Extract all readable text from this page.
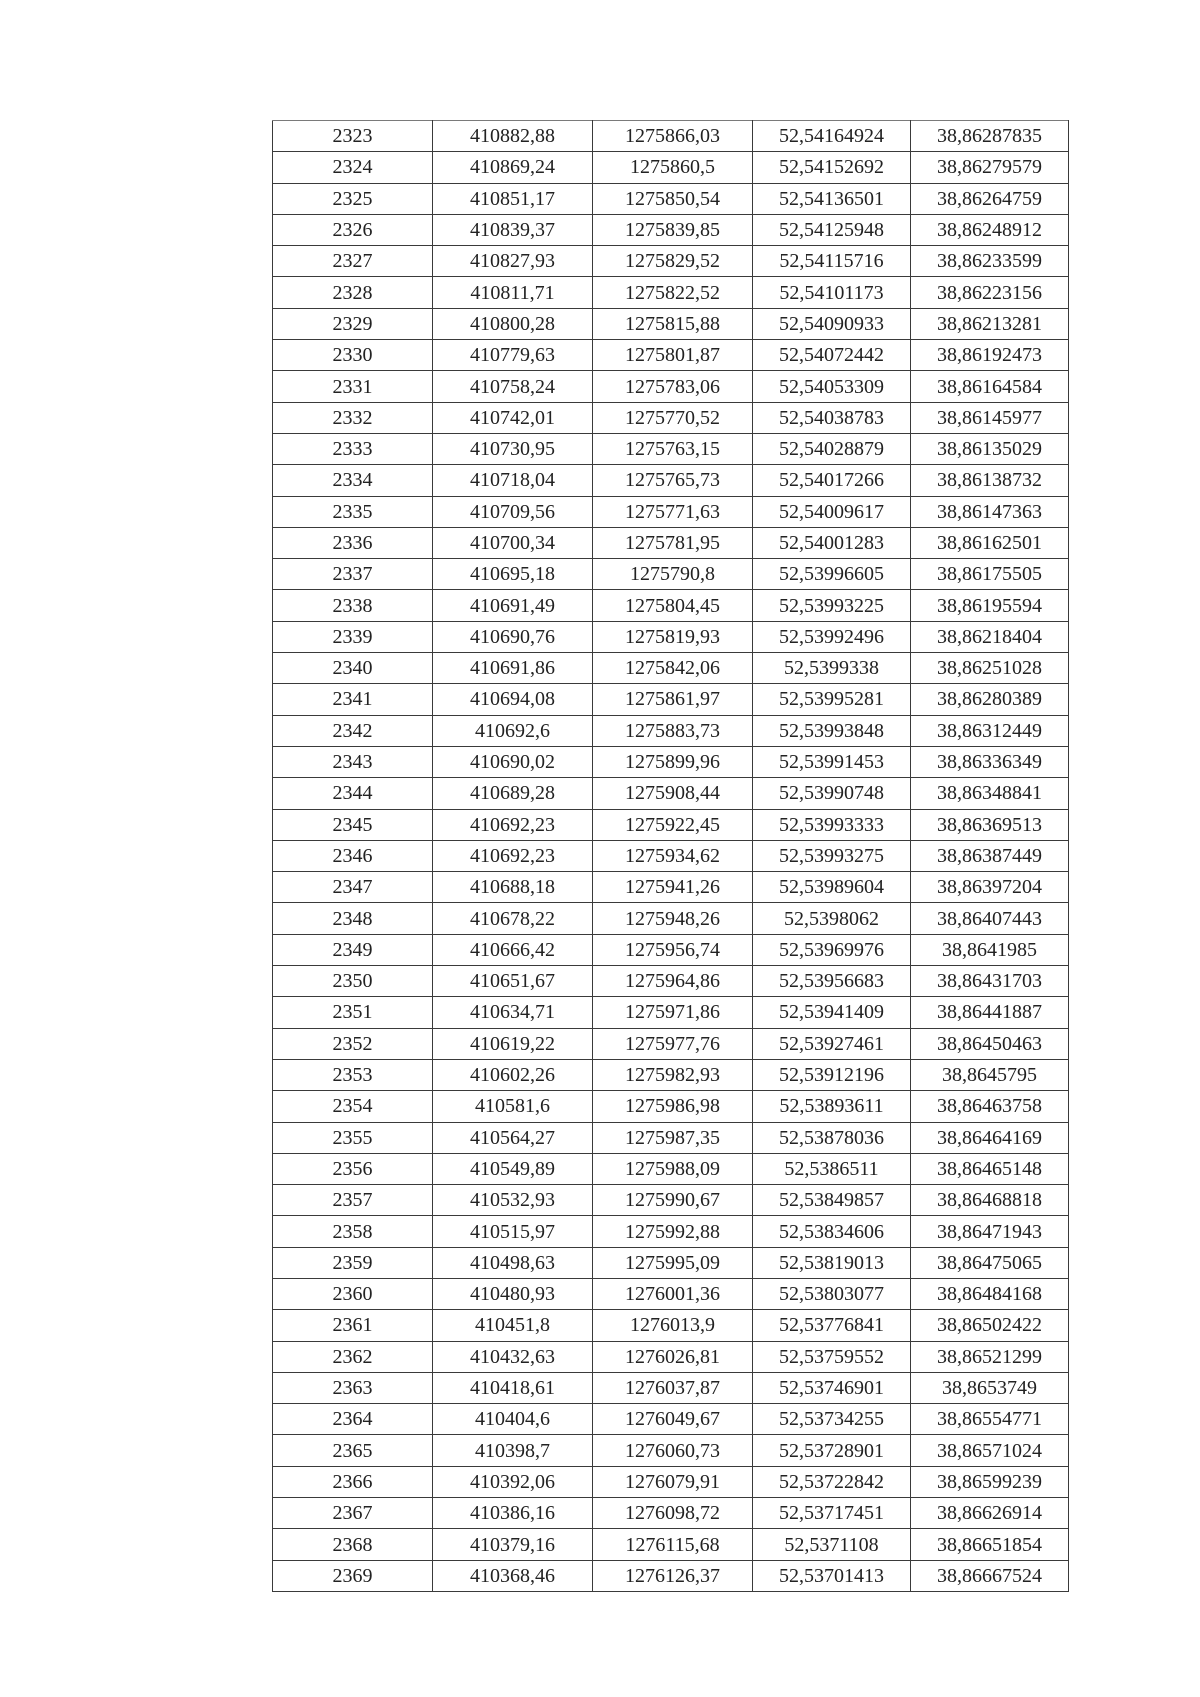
2323	410882,88	1275866,03	52,54164924	38,86287835
2324	410869,24	1275860,5	52,54152692	38,86279579
2325	410851,17	1275850,54	52,54136501	38,86264759
2326	410839,37	1275839,85	52,54125948	38,86248912
2327	410827,93	1275829,52	52,54115716	38,86233599
2328	410811,71	1275822,52	52,54101173	38,86223156
2329	410800,28	1275815,88	52,54090933	38,86213281
2330	410779,63	1275801,87	52,54072442	38,86192473
2331	410758,24	1275783,06	52,54053309	38,86164584
2332	410742,01	1275770,52	52,54038783	38,86145977
2333	410730,95	1275763,15	52,54028879	38,86135029
2334	410718,04	1275765,73	52,54017266	38,86138732
2335	410709,56	1275771,63	52,54009617	38,86147363
2336	410700,34	1275781,95	52,54001283	38,86162501
2337	410695,18	1275790,8	52,53996605	38,86175505
2338	410691,49	1275804,45	52,53993225	38,86195594
2339	410690,76	1275819,93	52,53992496	38,86218404
2340	410691,86	1275842,06	52,5399338	38,86251028
2341	410694,08	1275861,97	52,53995281	38,86280389
2342	410692,6	1275883,73	52,53993848	38,86312449
2343	410690,02	1275899,96	52,53991453	38,86336349
2344	410689,28	1275908,44	52,53990748	38,86348841
2345	410692,23	1275922,45	52,53993333	38,86369513
2346	410692,23	1275934,62	52,53993275	38,86387449
2347	410688,18	1275941,26	52,53989604	38,86397204
2348	410678,22	1275948,26	52,5398062	38,86407443
2349	410666,42	1275956,74	52,53969976	38,8641985
2350	410651,67	1275964,86	52,53956683	38,86431703
2351	410634,71	1275971,86	52,53941409	38,86441887
2352	410619,22	1275977,76	52,53927461	38,86450463
2353	410602,26	1275982,93	52,53912196	38,8645795
2354	410581,6	1275986,98	52,53893611	38,86463758
2355	410564,27	1275987,35	52,53878036	38,86464169
2356	410549,89	1275988,09	52,5386511	38,86465148
2357	410532,93	1275990,67	52,53849857	38,86468818
2358	410515,97	1275992,88	52,53834606	38,86471943
2359	410498,63	1275995,09	52,53819013	38,86475065
2360	410480,93	1276001,36	52,53803077	38,86484168
2361	410451,8	1276013,9	52,53776841	38,86502422
2362	410432,63	1276026,81	52,53759552	38,86521299
2363	410418,61	1276037,87	52,53746901	38,8653749
2364	410404,6	1276049,67	52,53734255	38,86554771
2365	410398,7	1276060,73	52,53728901	38,86571024
2366	410392,06	1276079,91	52,53722842	38,86599239
2367	410386,16	1276098,72	52,53717451	38,86626914
2368	410379,16	1276115,68	52,5371108	38,86651854
2369	410368,46	1276126,37	52,53701413	38,86667524
